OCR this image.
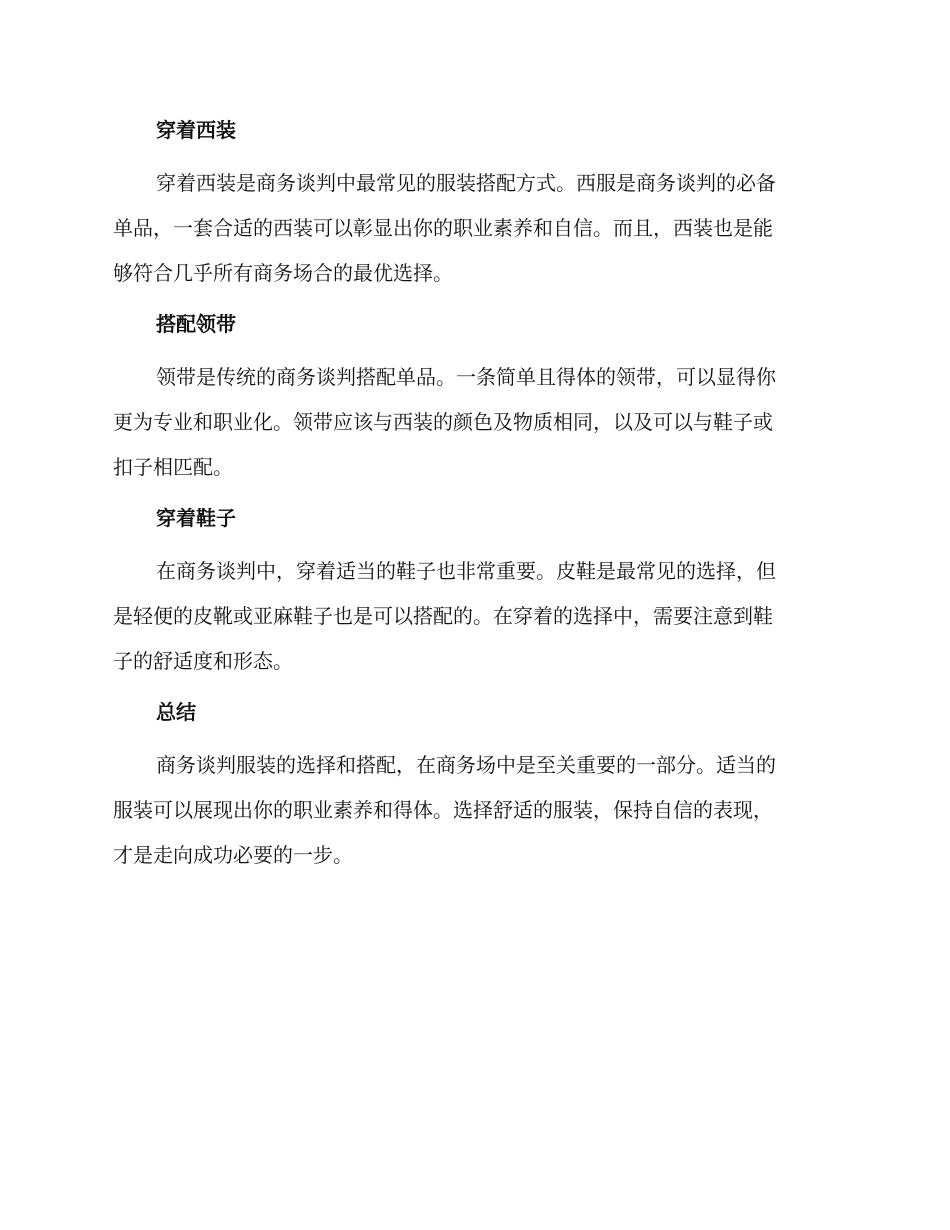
穿着西装
穿着西装是商务谈判中最常见的服装搭配方式。西服是商务谈判的必备
单品，一套合适的西装可以彰显出你的职业素养和自信。而且，西装也是能
够符合几乎所有商务场合的最优选择。
搭配领带
领带是传统的商务谈判搭配单品。一条简单且得体的领带，可以显得你
更为专业和职业化。领带应该与西装的颜色及物质相同，以及可以与鞋子或
扣子相匹配。
穿着鞋子
在商务谈判中，穿着适当的鞋子也非常重要。皮鞋是最常见的选择，但
是轻便的皮靴或亚麻鞋子也是可以搭配的。在穿着的选择中，需要注意到鞋
子的舒适度和形态。
总结
商务谈判服装的选择和搭配，在商务场中是至关重要的一部分。适当的
服装可以展现出你的职业素养和得体。选择舒适的服装，保持自信的表现，
才是走向成功必要的一步。
